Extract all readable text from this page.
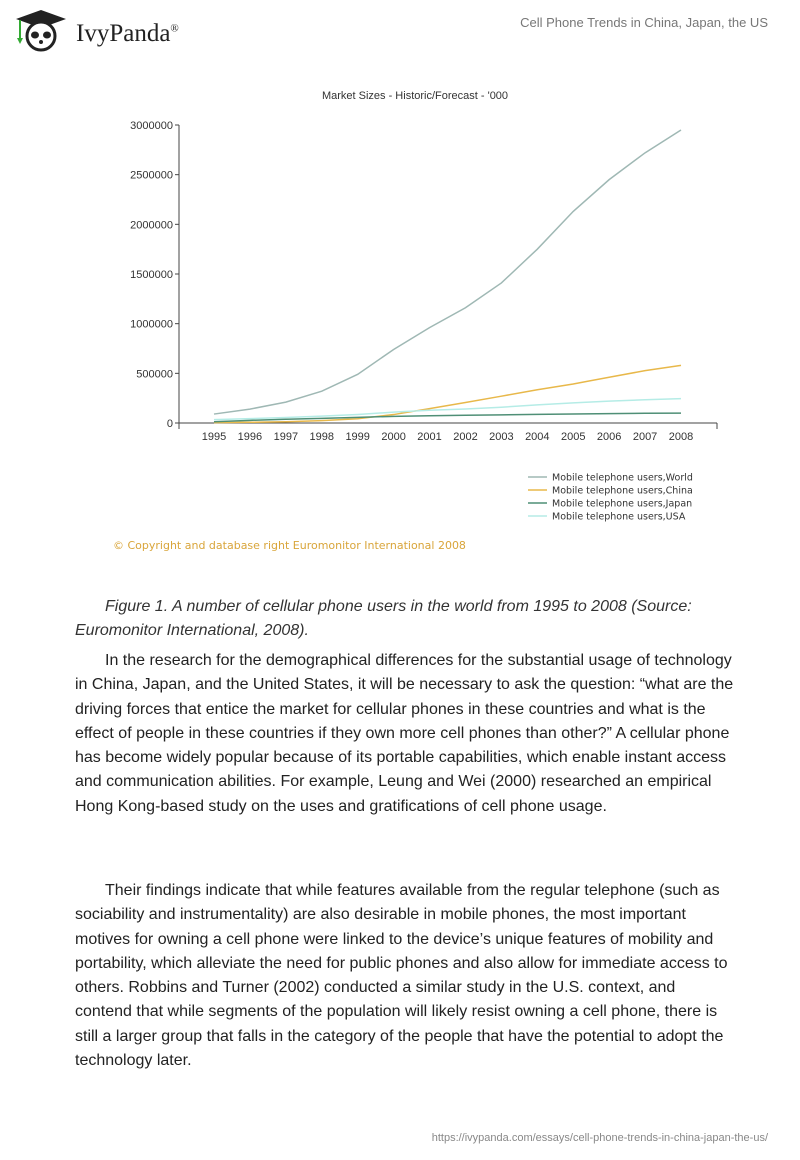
IvyPanda®	Cell Phone Trends in China, Japan, the US
Market Sizes - Historic/Forecast - '000
0
500000
1000000
1500000
2000000
2500000
3000000
1995 1996 1997 1998 1999 2000 2001 2002 2003 2004 2005 2006 2007 2008
Mobile telephone users,World
Mobile telephone users,China
Mobile telephone users,Japan
Mobile telephone users,USA
© Copyright and database right Euromonitor International 2008
Figure 1. A number of cellular phone users in the world from 1995 to 2008 (Source: Euromonitor International, 2008).

In the research for the demographical differences for the substantial usage of technology in China, Japan, and the United States, it will be necessary to ask the question: “what are the driving forces that entice the market for cellular phones in these countries and what is the effect of people in these countries if they own more cell phones than other?” A cellular phone has become widely popular because of its portable capabilities, which enable instant access and communication abilities. For example, Leung and Wei (2000) researched an empirical Hong Kong-based study on the uses and gratifications of cell phone usage.

Their findings indicate that while features available from the regular telephone (such as sociability and instrumentality) are also desirable in mobile phones, the most important motives for owning a cell phone were linked to the device’s unique features of mobility and portability, which alleviate the need for public phones and also allow for immediate access to others. Robbins and Turner (2002) conducted a similar study in the U.S. context, and contend that while segments of the population will likely resist owning a cell phone, there is still a larger group that falls in the category of the people that have the potential to adopt the technology later.

https://ivypanda.com/essays/cell-phone-trends-in-china-japan-the-us/
